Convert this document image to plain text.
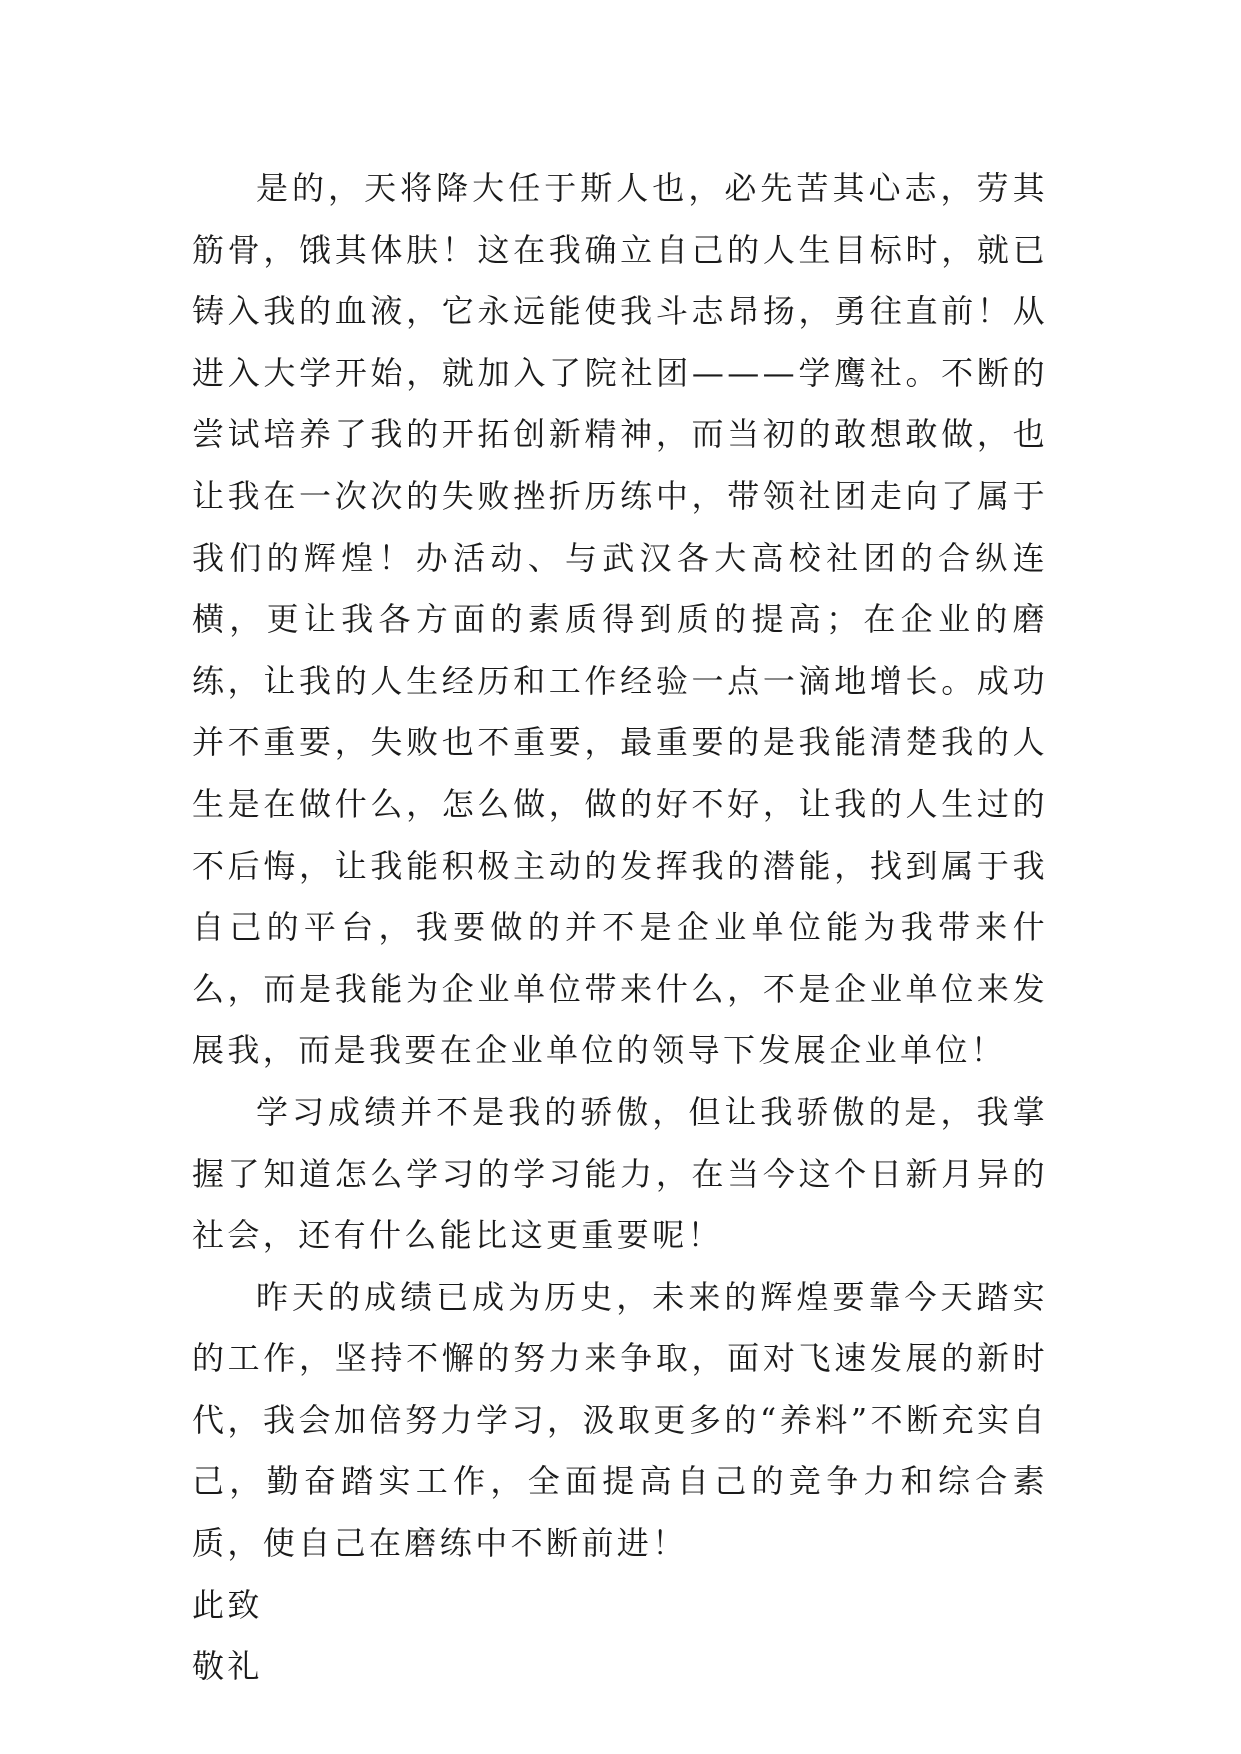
是的，天将降大任于斯人也，必先苦其心志，劳其筋骨，饿其体肤！这在我确立自己的人生目标时，就已铸入我的血液，它永远能使我斗志昂扬，勇往直前！从进入大学开始，就加入了院社团———学鹰社。不断的尝试培养了我的开拓创新精神，而当初的敢想敢做，也让我在一次次的失败挫折历练中，带领社团走向了属于我们的辉煌！办活动、与武汉各大高校社团的合纵连横，更让我各方面的素质得到质的提高；在企业的磨练，让我的人生经历和工作经验一点一滴地增长。成功并不重要，失败也不重要，最重要的是我能清楚我的人生是在做什么，怎么做，做的好不好，让我的人生过的不后悔，让我能积极主动的发挥我的潜能，找到属于我自己的平台，我要做的并不是企业单位能为我带来什么，而是我能为企业单位带来什么，不是企业单位来发展我，而是我要在企业单位的领导下发展企业单位！

学习成绩并不是我的骄傲，但让我骄傲的是，我掌握了知道怎么学习的学习能力，在当今这个日新月异的社会，还有什么能比这更重要呢！

昨天的成绩已成为历史，未来的辉煌要靠今天踏实的工作，坚持不懈的努力来争取，面对飞速发展的新时代，我会加倍努力学习，汲取更多的“养料”不断充实自己，勤奋踏实工作，全面提高自己的竞争力和综合素质，使自己在磨练中不断前进！

此致

敬礼
